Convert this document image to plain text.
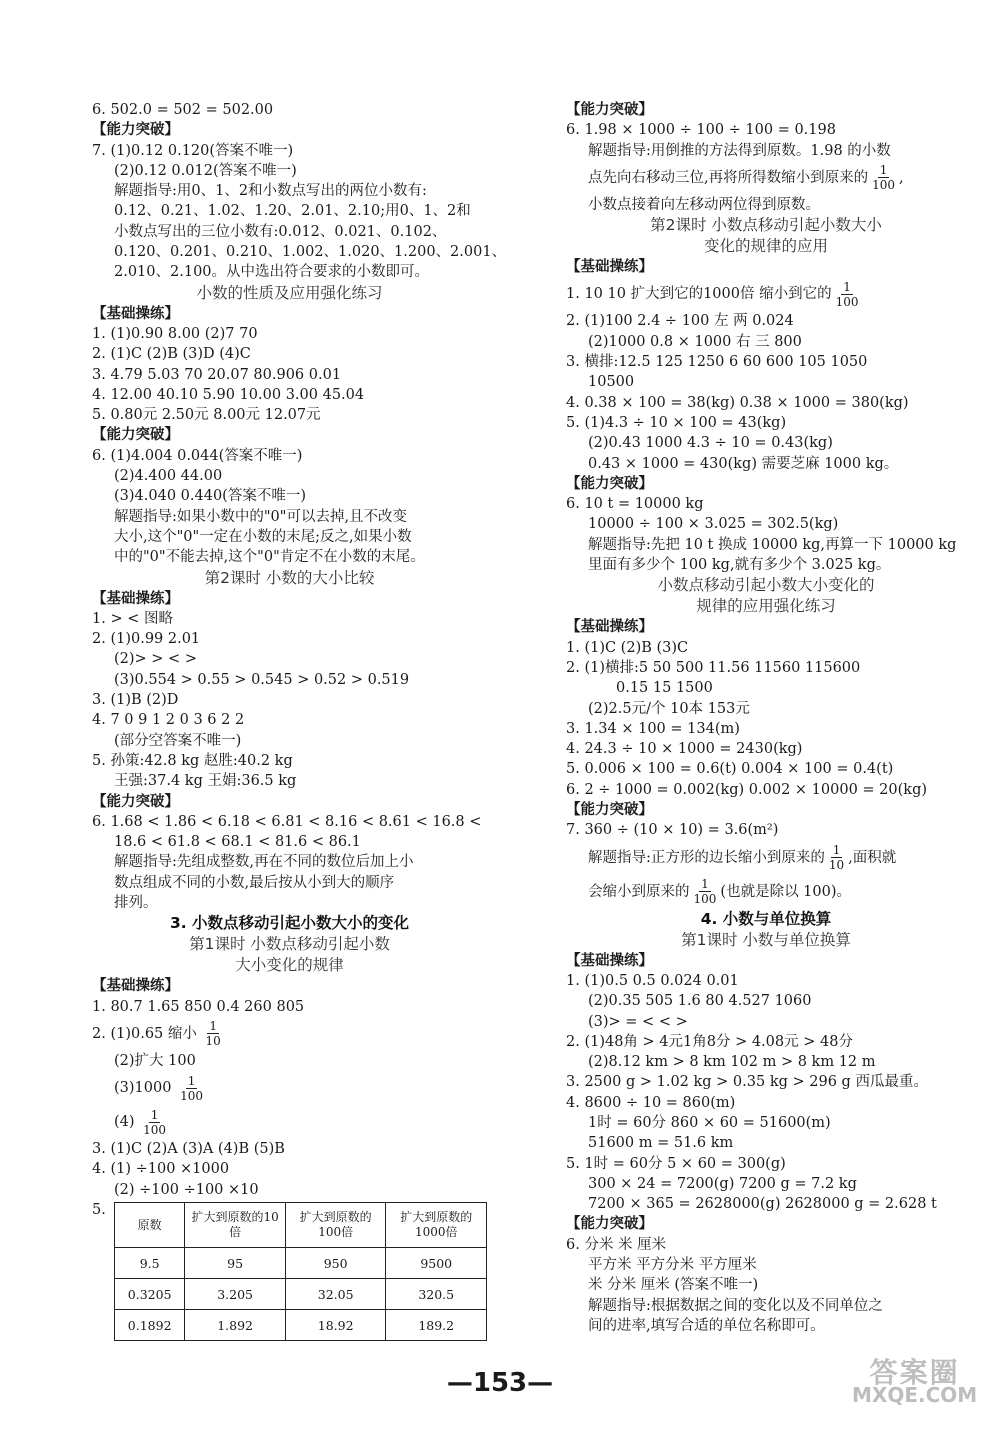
6. 502.0 = 502 = 502.00
【能力突破】
7. (1)0.12 0.120(答案不唯一)
(2)0.12 0.012(答案不唯一)
解题指导:用0、1、2和小数点写出的两位小数有:
0.12、0.21、1.02、1.20、2.01、2.10;用0、1、2和
小数点写出的三位小数有:0.012、0.021、0.102、
0.120、0.201、0.210、1.002、1.020、1.200、2.001、
2.010、2.100。从中选出符合要求的小数即可。
小数的性质及应用强化练习
【基础操练】
1. (1)0.90 8.00 (2)7 70
2. (1)C (2)B (3)D (4)C
3. 4.79 5.03 70 20.07 80.906 0.01
4. 12.00 40.10 5.90 10.00 3.00 45.04
5. 0.80元 2.50元 8.00元 12.07元
【能力突破】
6. (1)4.004 0.044(答案不唯一)
(2)4.400 44.00
(3)4.040 0.440(答案不唯一)
解题指导:如果小数中的"0"可以去掉,且不改变
大小,这个"0"一定在小数的末尾;反之,如果小数
中的"0"不能去掉,这个"0"肯定不在小数的末尾。
第2课时 小数的大小比较
【基础操练】
1. > < 图略
2. (1)0.99 2.01
(2)> > < >
(3)0.554 > 0.55 > 0.545 > 0.52 > 0.519
3. (1)B (2)D
4. 7 0 9 1 2 0 3 6 2 2
(部分空答案不唯一)
5. 孙策:42.8 kg 赵胜:40.2 kg
王强:37.4 kg 王娟:36.5 kg
【能力突破】
6. 1.68 < 1.86 < 6.18 < 6.81 < 8.16 < 8.61 < 16.8 <
18.6 < 61.8 < 68.1 < 81.6 < 86.1
解题指导:先组成整数,再在不同的数位后加上小
数点组成不同的小数,最后按从小到大的顺序
排列。
3. 小数点移动引起小数大小的变化
第1课时 小数点移动引起小数
大小变化的规律
【基础操练】
1. 80.7 1.65 850 0.4 260 805
2. (1)0.65 缩小 $\frac{1}{10}$
(2)扩大 100
$(3)1000 \frac{1}{100}$
$(4) \frac{1}{100}$
3. (1)C (2)A (3)A (4)B (5)B
4. (1) ÷100 ×1000
(2) ÷100 ÷100 ×10
5.
原数	扩大到原数的10倍	扩大到原数的100倍	扩大到原数的1000倍
9.5	95	950	9500
0.3205	3.205	32.05	320.5
0.1892	1.892	18.92	189.2
【能力突破】
6. 1.98 × 1000 ÷ 100 ÷ 100 = 0.198
解题指导:用倒推的方法得到原数。1.98 的小数
点先向右移动三位,再将所得数缩小到原来的 $\frac{1}{100}$ ,
小数点接着向左移动两位得到原数。
第2课时 小数点移动引起小数大小
变化的规律的应用
【基础操练】
1. 10 10 扩大到它的1000倍 缩小到它的 $\frac{1}{100}$
2. (1)100 2.4 ÷ 100 左 两 0.024
(2)1000 0.8 × 1000 右 三 800
3. 横排:12.5 125 1250 6 60 600 105 1050
10500
4. 0.38 × 100 = 38(kg) 0.38 × 1000 = 380(kg)
5. (1)4.3 ÷ 10 × 100 = 43(kg)
(2)0.43 1000 4.3 ÷ 10 = 0.43(kg)
0.43 × 1000 = 430(kg) 需要芝麻 1000 kg。
【能力突破】
6. 10 t = 10000 kg
10000 ÷ 100 × 3.025 = 302.5(kg)
解题指导:先把 10 t 换成 10000 kg,再算一下 10000 kg
里面有多少个 100 kg,就有多少个 3.025 kg。
小数点移动引起小数大小变化的
规律的应用强化练习
【基础操练】
1. (1)C (2)B (3)C
2. (1)横排:5 50 500 11.56 11560 115600
0.15 15 1500
(2)2.5元/个 10本 153元
3. 1.34 × 100 = 134(m)
4. 24.3 ÷ 10 × 1000 = 2430(kg)
5. 0.006 × 100 = 0.6(t) 0.004 × 100 = 0.4(t)
6. 2 ÷ 1000 = 0.002(kg) 0.002 × 10000 = 20(kg)
【能力突破】
7. 360 ÷ (10 × 10) = 3.6(m²)
解题指导:正方形的边长缩小到原来的 $\frac{1}{10}$ ,面积就
会缩小到原来的 $\frac{1}{100}$ (也就是除以 100)。
4. 小数与单位换算
第1课时 小数与单位换算
【基础操练】
1. (1)0.5 0.5 0.024 0.01
(2)0.35 505 1.6 80 4.527 1060
(3)> = < < >
2. (1)48角 > 4元1角8分 > 4.08元 > 48分
(2)8.12 km > 8 km 102 m > 8 km 12 m
3. 2500 g > 1.02 kg > 0.35 kg > 296 g 西瓜最重。
4. 8600 ÷ 10 = 860(m)
1时 = 60分 860 × 60 = 51600(m)
51600 m = 51.6 km
5. 1时 = 60分 5 × 60 = 300(g)
300 × 24 = 7200(g) 7200 g = 7.2 kg
7200 × 365 = 2628000(g) 2628000 g = 2.628 t
【能力突破】
6. 分米 米 厘米
平方米 平方分米 平方厘米
米 分米 厘米 (答案不唯一)
解题指导:根据数据之间的变化以及不同单位之
间的进率,填写合适的单位名称即可。
—153—	答案圈
MXQE.COM
